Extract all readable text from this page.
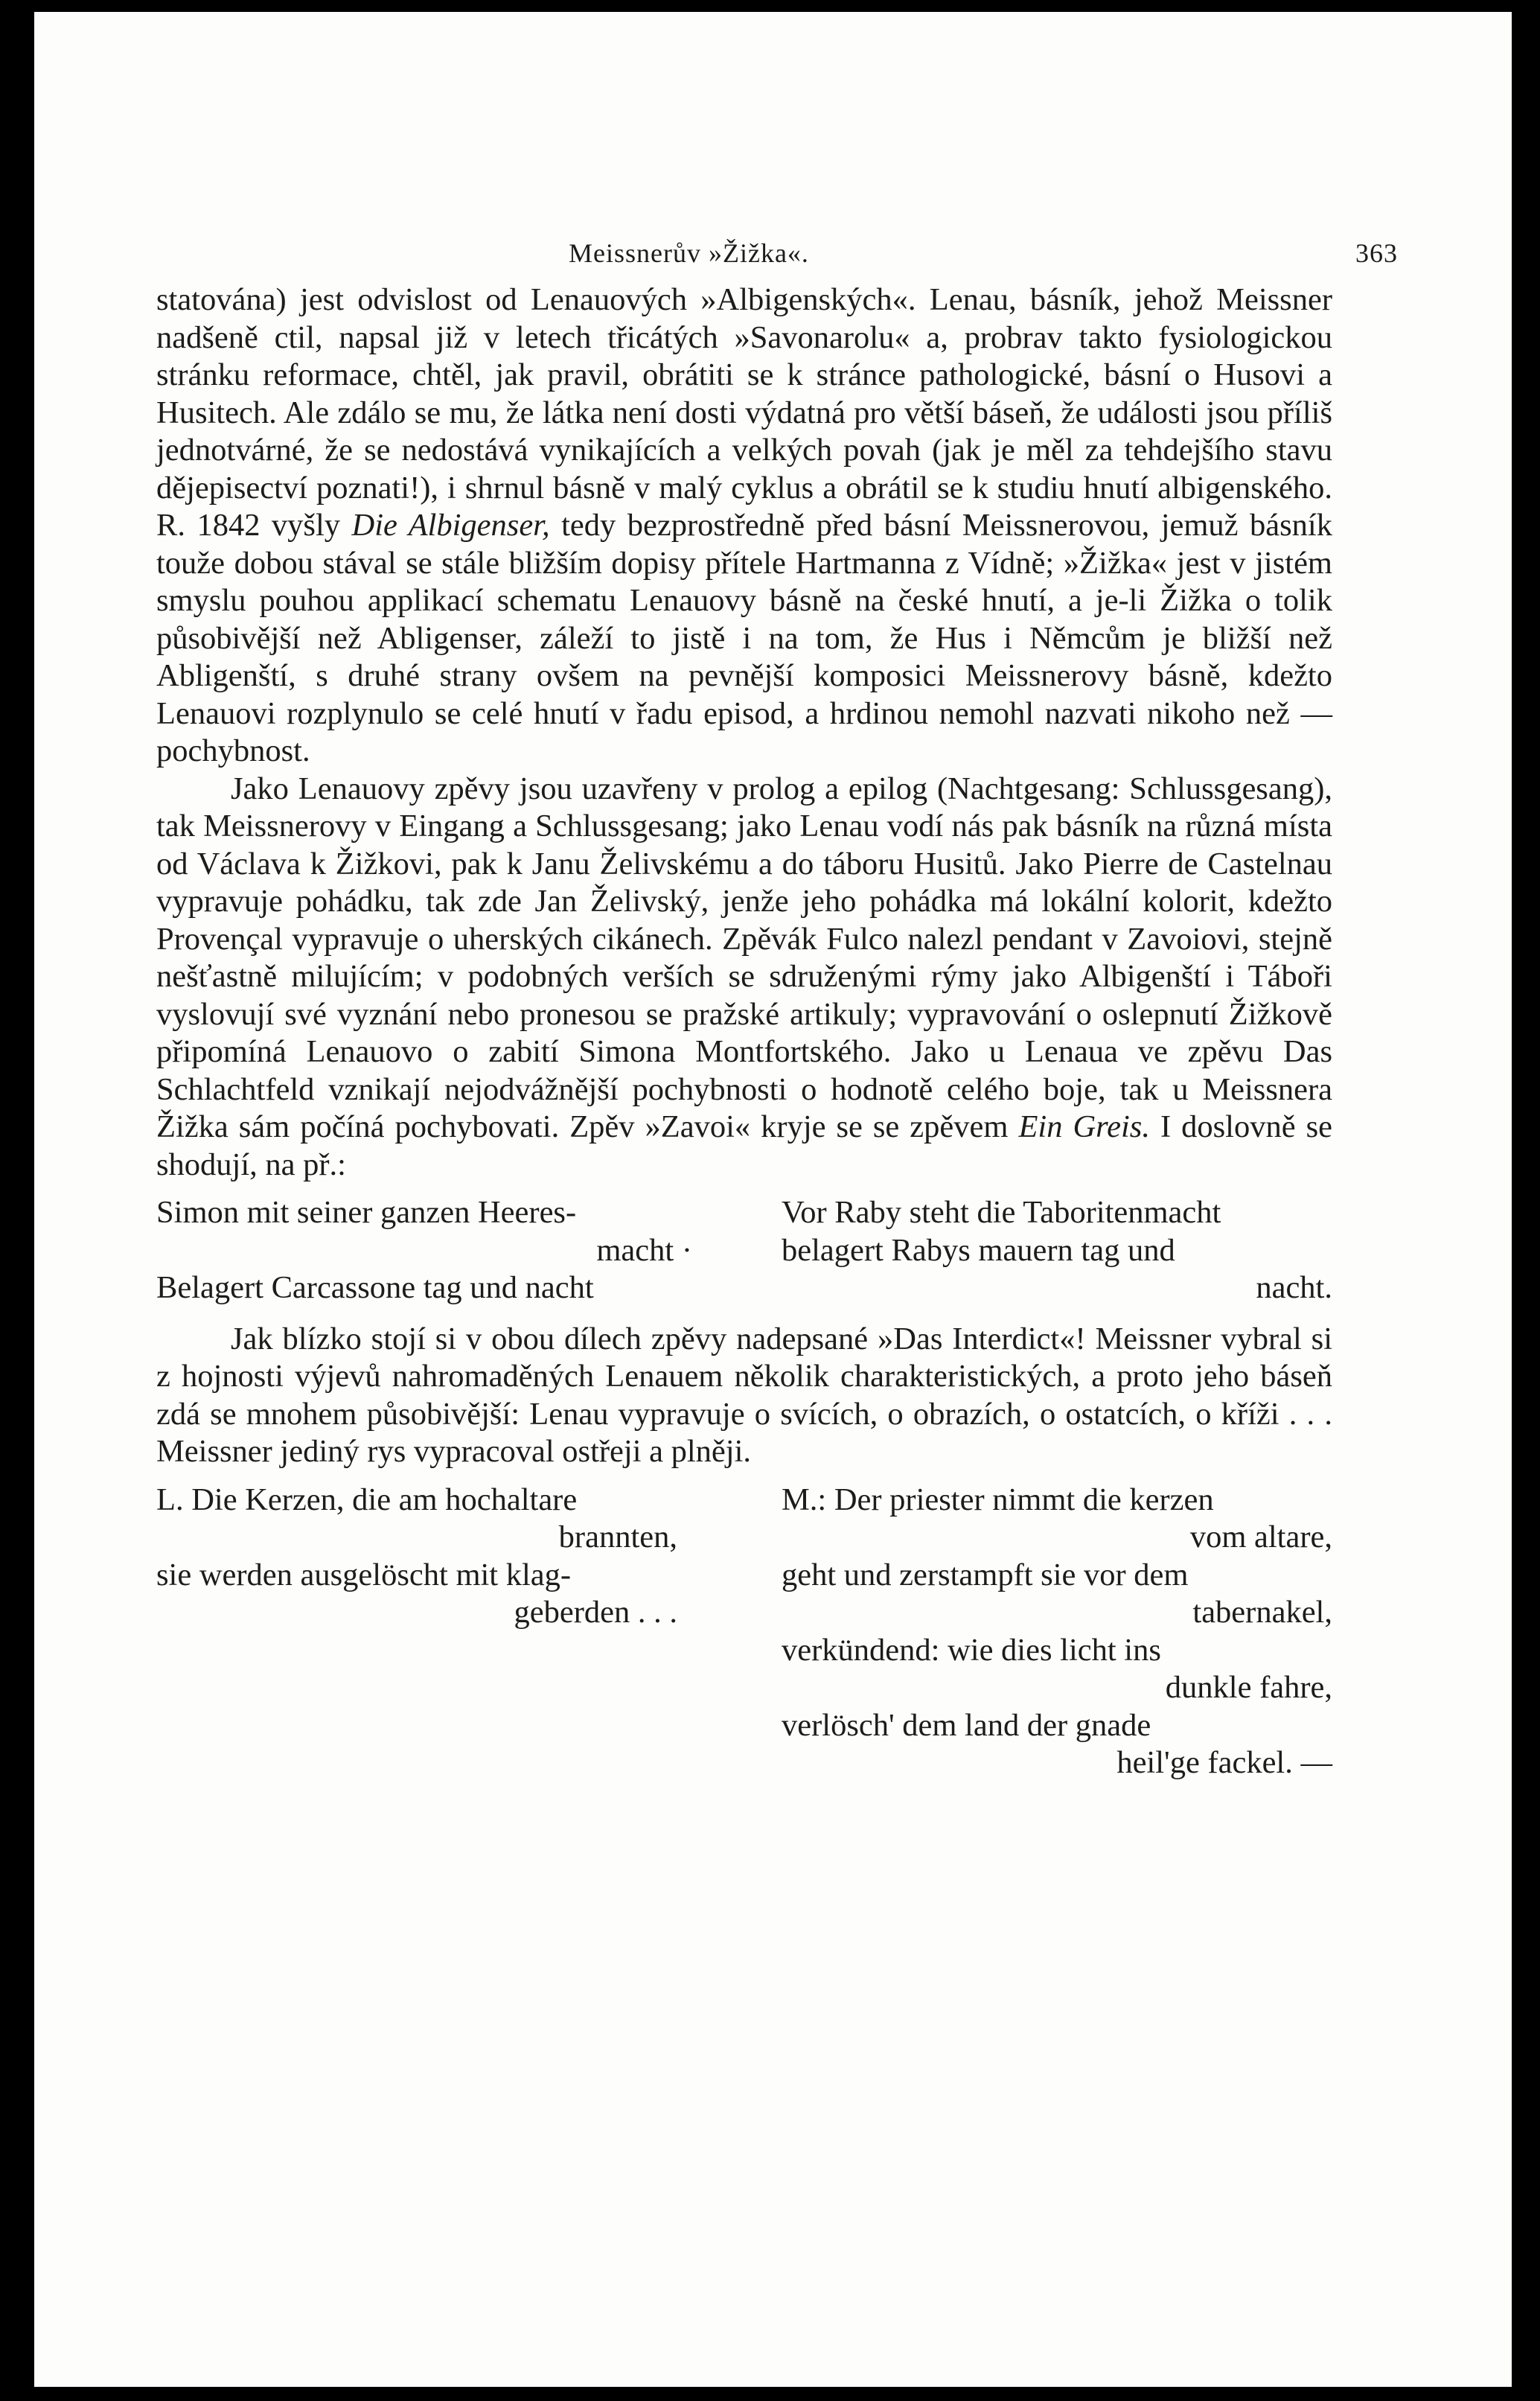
Meissnerův »Žižka«.	363

statována) jest odvislost od Lenauových »Albigenských«. Lenau, básník, jehož Meissner nadšeně ctil, napsal již v letech třicátých »Savonarolu« a, probrav takto fysiologickou stránku reformace, chtěl, jak pravil, obrátiti se k stránce pathologické, básní o Husovi a Husitech. Ale zdálo se mu, že látka není dosti výdatná pro větší báseň, že události jsou příliš jednotvárné, že se nedostává vynikajících a velkých povah (jak je měl za tehdejšího stavu dějepisectví poznati!), i shrnul básně v malý cyklus a obrátil se k studiu hnutí albigenského. R. 1842 vyšly Die Albigenser, tedy bezprostředně před básní Meissnerovou, jemuž básník touže dobou stával se stále bližším dopisy přítele Hartmanna z Vídně; »Žižka« jest v jistém smyslu pouhou applikací schematu Lenauovy básně na české hnutí, a je-li Žižka o tolik působivější než Abligenser, záleží to jistě i na tom, že Hus i Němcům je bližší než Abligenští, s druhé strany ovšem na pevnější komposici Meissnerovy básně, kdežto Lenauovi rozplynulo se celé hnutí v řadu episod, a hrdinou nemohl nazvati nikoho než — pochybnost.

Jako Lenauovy zpěvy jsou uzavřeny v prolog a epilog (Nachtgesang: Schlussgesang), tak Meissnerovy v Eingang a Schlussgesang; jako Lenau vodí nás pak básník na různá místa od Václava k Žižkovi, pak k Janu Želivskému a do táboru Husitů. Jako Pierre de Castelnau vypravuje pohádku, tak zde Jan Želivský, jenže jeho pohádka má lokální kolorit, kdežto Provençal vypravuje o uherských cikánech. Zpěvák Fulco nalezl pendant v Zavoiovi, stejně nešťastně milujícím; v podobných verších se sdruženými rýmy jako Albigenští i Táboři vyslovují své vyznání nebo pronesou se pražské artikuly; vypravování o oslepnutí Žižkově připomíná Lenauovo o zabití Simona Montfortského. Jako u Lenaua ve zpěvu Das Schlachtfeld vznikají nejodvážnější pochybnosti o hodnotě celého boje, tak u Meissnera Žižka sám počíná pochybovati. Zpěv »Zavoi« kryje se se zpěvem Ein Greis. I doslovně se shodují, na př.:

Simon mit seiner ganzen Heeres-
macht ·
Belagert Carcassone tag und nacht
Vor Raby steht die Taboritenmacht
belagert Rabys mauern tag und
nacht.

Jak blízko stojí si v obou dílech zpěvy nadepsané »Das Interdict«! Meissner vybral si z hojnosti výjevů nahromaděných Lenauem několik charakteristických, a proto jeho báseň zdá se mnohem působivější: Lenau vypravuje o svících, o obrazích, o ostatcích, o kříži . . . Meissner jediný rys vypracoval ostřeji a plněji.

L. Die Kerzen, die am hochaltare
brannten,
sie werden ausgelöscht mit klag-
geberden . . .
M.: Der priester nimmt die kerzen
vom altare,
geht und zerstampft sie vor dem
tabernakel,
verkündend: wie dies licht ins
dunkle fahre,
verlösch' dem land der gnade
heil'ge fackel. —
